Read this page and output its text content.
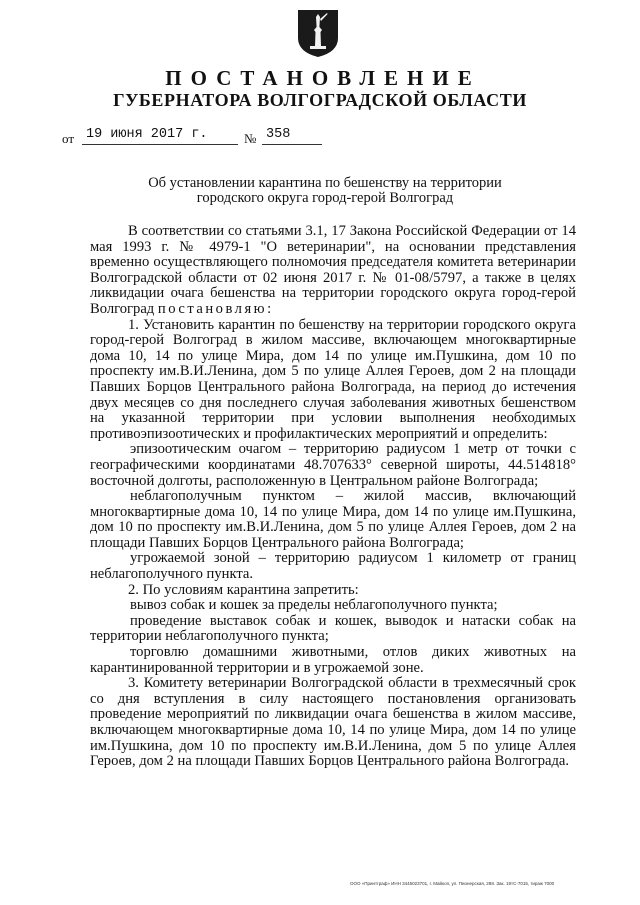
ПОСТАНОВЛЕНИЕ
ГУБЕРНАТОРА ВОЛГОГРАДСКОЙ ОБЛАСТИ
от 19 июня 2017 г.	№ 358
Об установлении карантина по бешенству на территории
городского округа город-герой Волгоград

В соответствии со статьями 3.1, 17 Закона Российской Федерации от 14 мая 1993 г. № 4979-1 "О ветеринарии", на основании представления временно осуществляющего полномочия председателя комитета ветеринарии Волгоградской области от 02 июня 2017 г. № 01-08/5797, а также в целях ликвидации очага бешенства на территории городского округа город-герой Волгоград постановляю:

1. Установить карантин по бешенству на территории городского округа город-герой Волгоград в жилом массиве, включающем многоквартирные дома 10, 14 по улице Мира, дом 14 по улице им.Пушкина, дом 10 по проспекту им.В.И.Ленина, дом 5 по улице Аллея Героев, дом 2 на площади Павших Борцов Центрального района Волгограда, на период до истечения двух месяцев со дня последнего случая заболевания животных бешенством на указанной территории при условии выполнения необходимых противоэпизоотических и профилактических мероприятий и определить:

эпизоотическим очагом – территорию радиусом 1 метр от точки с географическими координатами 48.707633° северной широты, 44.514818° восточной долготы, расположенную в Центральном районе Волгограда;

неблагополучным пунктом – жилой массив, включающий многоквартирные дома 10, 14 по улице Мира, дом 14 по улице им.Пушкина, дом 10 по проспекту им.В.И.Ленина, дом 5 по улице Аллея Героев, дом 2 на площади Павших Борцов Центрального района Волгограда;

угрожаемой зоной – территорию радиусом 1 километр от границ неблагополучного пункта.

2. По условиям карантина запретить:

вывоз собак и кошек за пределы неблагополучного пункта;

проведение выставок собак и кошек, выводок и натаски собак на территории неблагополучного пункта;

торговлю домашними животными, отлов диких животных на карантинированной территории и в угрожаемой зоне.

3. Комитету ветеринарии Волгоградской области в трехмесячный срок со дня вступления в силу настоящего постановления организовать проведение мероприятий по ликвидации очага бешенства в жилом массиве, включающем многоквартирные дома 10, 14 по улице Мира, дом 14 по улице им.Пушкина, дом 10 по проспекту им.В.И.Ленина, дом 5 по улице Аллея Героев, дом 2 на площади Павших Борцов Центрального района Волгограда.

ООО «Принтграф» ИНН 3445023701, г. Майкоп, ул. Пионерская, 288. Зак. 19тС-7015, тираж 7000
